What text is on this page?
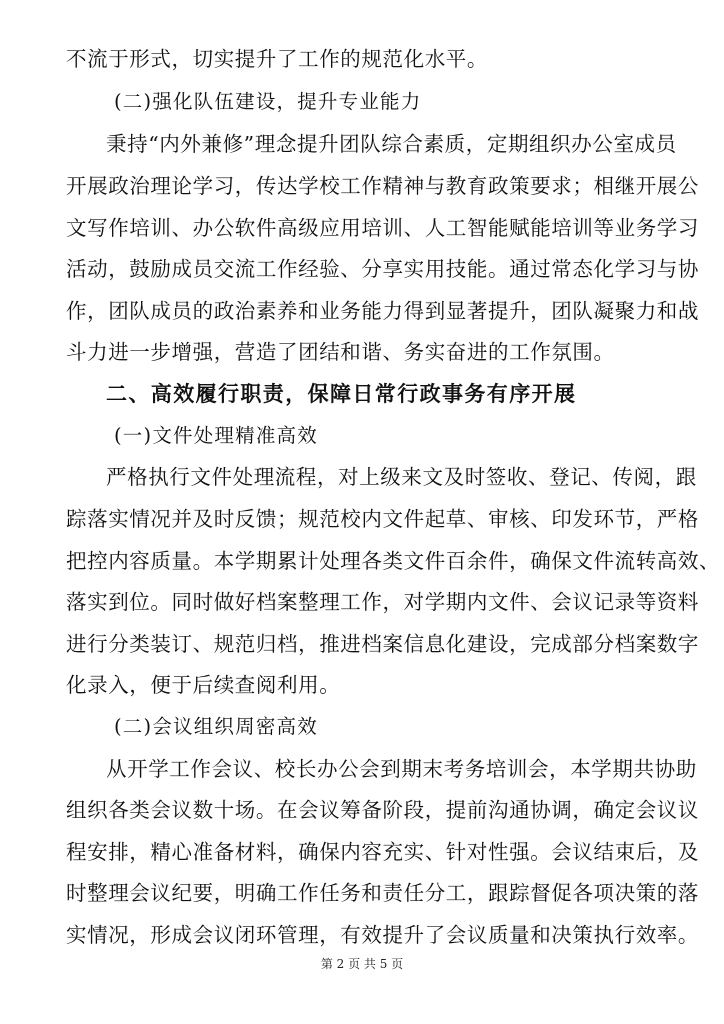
不流于形式，切实提升了工作的规范化水平。
(二)强化队伍建设，提升专业能力
秉持“内外兼修”理念提升团队综合素质，定期组织办公室成员
开展政治理论学习，传达学校工作精神与教育政策要求；相继开展公
文写作培训、办公软件高级应用培训、人工智能赋能培训等业务学习
活动，鼓励成员交流工作经验、分享实用技能。通过常态化学习与协
作，团队成员的政治素养和业务能力得到显著提升，团队凝聚力和战
斗力进一步增强，营造了团结和谐、务实奋进的工作氛围。
二、高效履行职责，保障日常行政事务有序开展
(一)文件处理精准高效
严格执行文件处理流程，对上级来文及时签收、登记、传阅，跟
踪落实情况并及时反馈；规范校内文件起草、审核、印发环节，严格
把控内容质量。本学期累计处理各类文件百余件，确保文件流转高效、
落实到位。同时做好档案整理工作，对学期内文件、会议记录等资料
进行分类装订、规范归档，推进档案信息化建设，完成部分档案数字
化录入，便于后续查阅利用。
(二)会议组织周密高效
从开学工作会议、校长办公会到期末考务培训会，本学期共协助
组织各类会议数十场。在会议筹备阶段，提前沟通协调，确定会议议
程安排，精心准备材料，确保内容充实、针对性强。会议结束后，及
时整理会议纪要，明确工作任务和责任分工，跟踪督促各项决策的落
实情况，形成会议闭环管理，有效提升了会议质量和决策执行效率。
第 2 页 共 5 页
